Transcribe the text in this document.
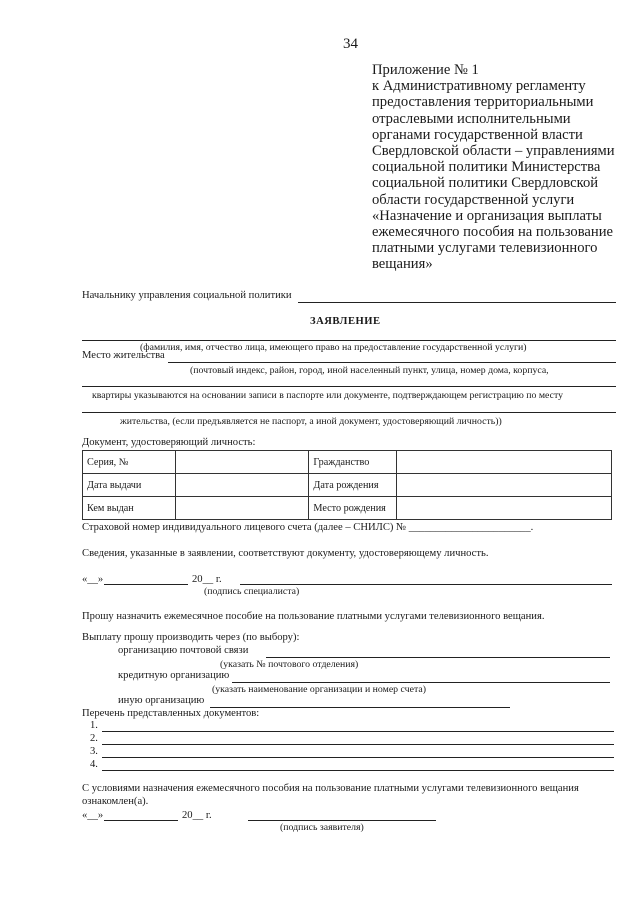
34
Приложение № 1
к Административному регламенту
предоставления территориальными
отраслевыми исполнительными
органами государственной власти
Свердловской области – управлениями
социальной политики Министерства
социальной политики Свердловской
области государственной услуги
«Назначение и организация выплаты
ежемесячного пособия на пользование
платными услугами телевизионного
вещания»
Начальнику управления социальной политики
ЗАЯВЛЕНИЕ
(фамилия, имя, отчество лица, имеющего право на предоставление государственной услуги)
Место жительства
(почтовый индекс, район, город, иной населенный пункт, улица, номер дома, корпуса,
квартиры указываются на основании записи в паспорте или документе, подтверждающем регистрацию по месту
жительства, (если предъявляется не паспорт, а иной документ, удостоверяющий личность))
Документ, удостоверяющий личность:
Серия, №		Гражданство	
Дата выдачи		Дата рождения	
Кем выдан		Место рождения	
Страховой номер индивидуального лицевого счета (далее – СНИЛС) № _______________________.
Сведения, указанные в заявлении, соответствуют документу, удостоверяющему личность.
«__»	20__ г.
(подпись специалиста)
Прошу назначить ежемесячное пособие на пользование платными услугами телевизионного вещания.
Выплату прошу производить через (по выбору):
организацию почтовой связи
(указать № почтового отделения)
кредитную организацию
(указать наименование организации и номер счета)
иную организацию
Перечень представленных документов:
1.
2.
3.
4.
С условиями назначения ежемесячного пособия на пользование платными услугами телевизионного вещания
ознакомлен(а).
«__»	20__ г.
(подпись заявителя)
